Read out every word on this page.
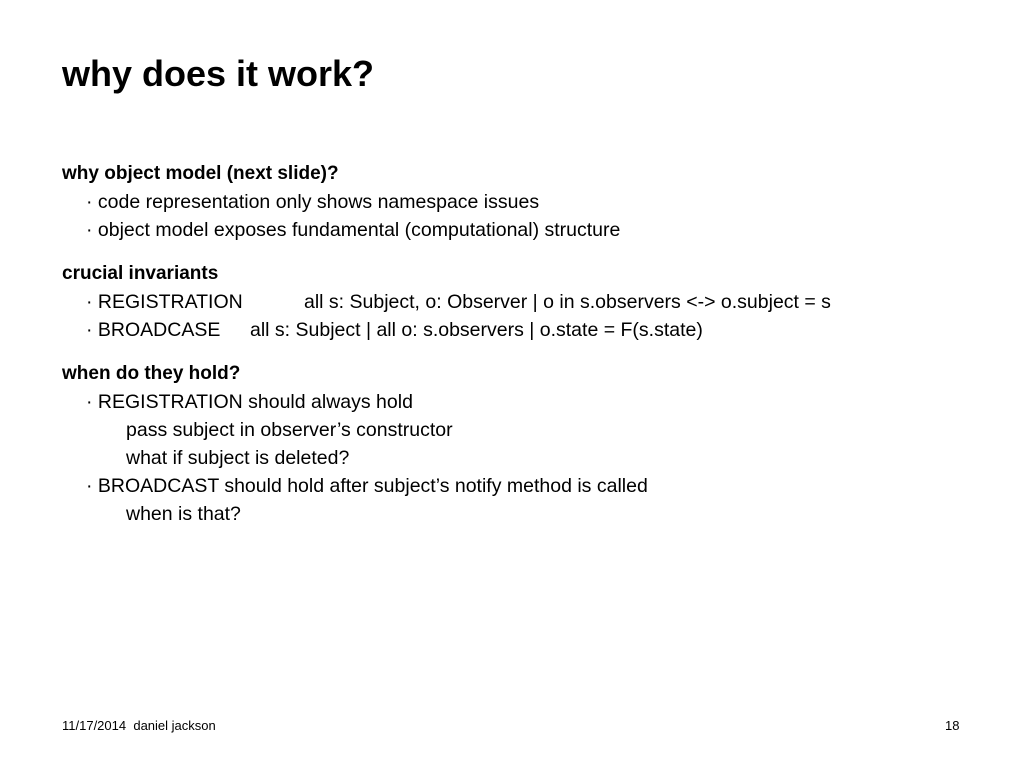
why does it work?
why object model (next slide)?
· code representation only shows namespace issues
· object model exposes fundamental (computational) structure
crucial invariants
· REGISTRATION	all s: Subject, o: Observer | o in s.observers <-> o.subject = s
· BROADCASE all s: Subject | all o: s.observers | o.state = F(s.state)
when do they hold?
· REGISTRATION should always hold
pass subject in observer’s constructor
what if subject is deleted?
· BROADCAST should hold after subject’s notify method is called
when is that?
11/17/2014 daniel jackson	18
